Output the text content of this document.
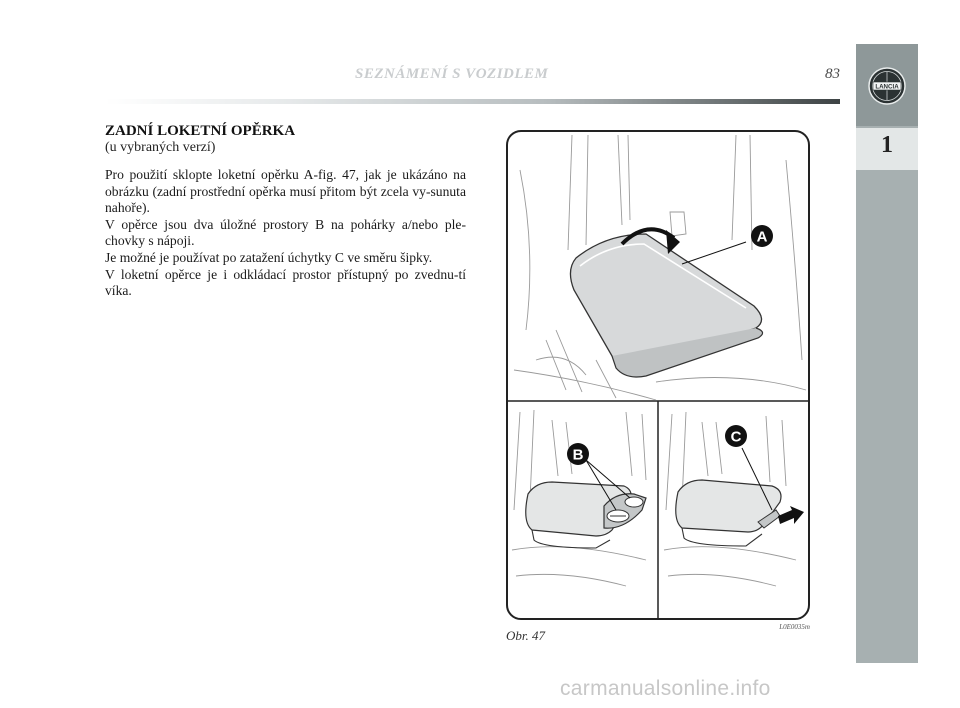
SEZNÁMENÍ S VOZIDLEM	83
LANCIA
1
ZADNÍ LOKETNÍ OPĚRKA
(u vybraných verzí)

Pro použití sklopte loketní opěrku A-fig. 47, jak je ukázáno na obrázku (zadní prostřední opěrka musí přitom být zcela vy-sunuta nahoře).

V opěrce jsou dva úložné prostory B na pohárky a/nebo ple-chovky s nápoji.

Je možné je používat po zatažení úchytky C ve směru šipky.

V loketní opěrce je i odkládací prostor přístupný po zvednu-tí víka.

A
B
C
Obr. 47
L0E0035m
carmanualsonline.info
